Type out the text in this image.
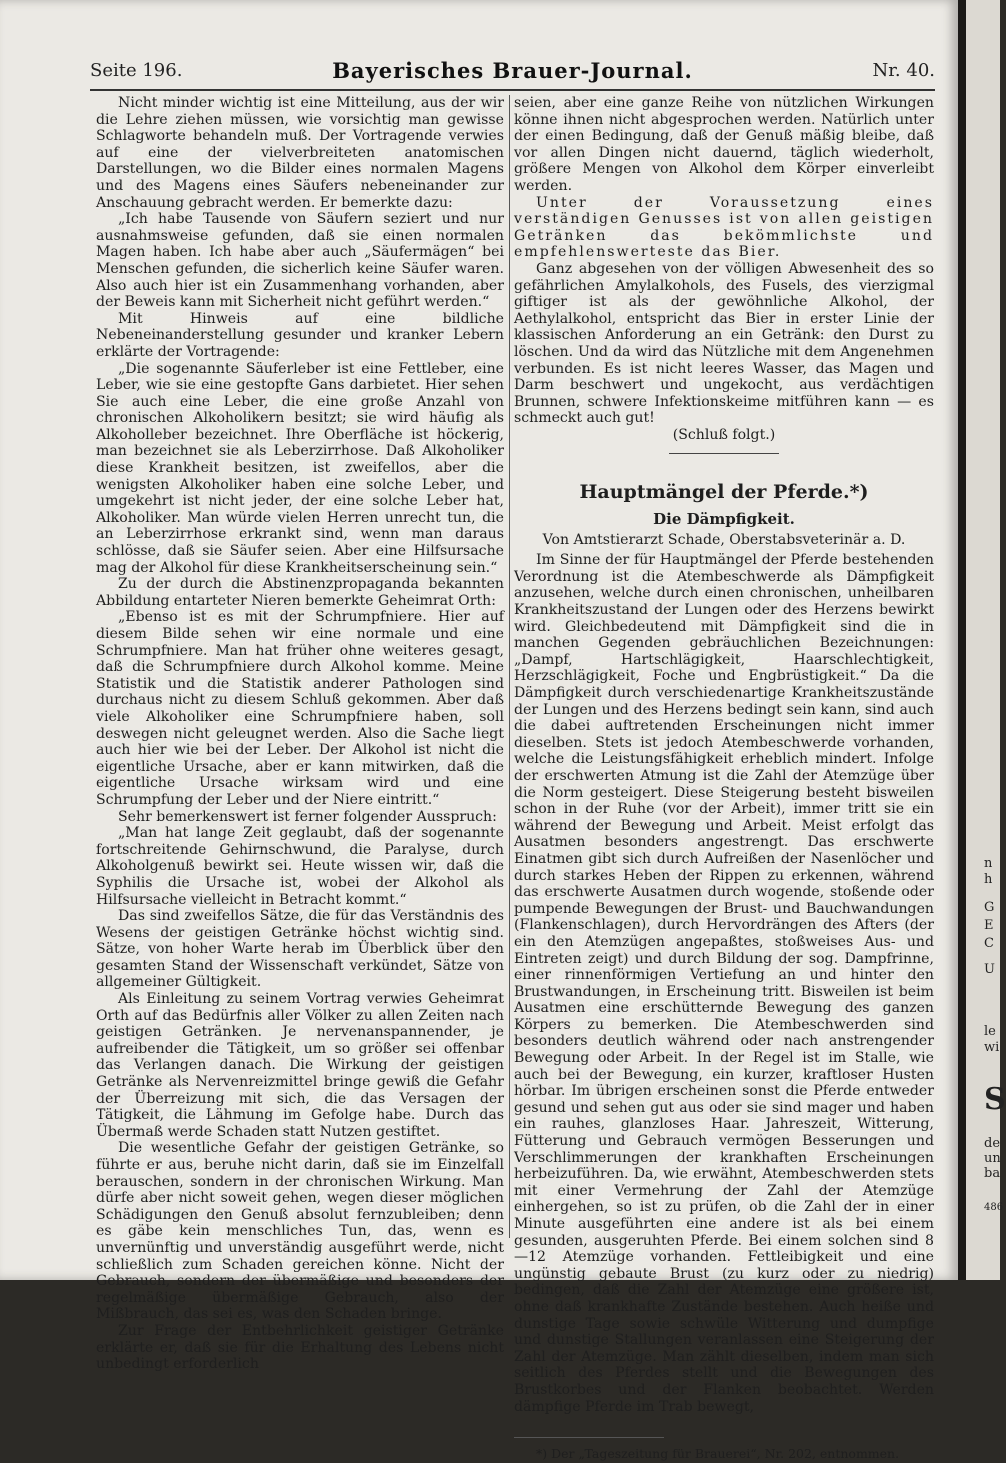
Seite 196.	Bayerisches Brauer-Journal.	Nr. 40.

Nicht minder wichtig ist eine Mitteilung, aus der wir die Lehre ziehen müssen, wie vorsichtig man gewisse Schlagworte behandeln muß. Der Vortragende verwies auf eine der vielverbreiteten anatomischen Darstellungen, wo die Bilder eines normalen Magens und des Magens eines Säufers nebeneinander zur Anschauung gebracht werden. Er bemerkte dazu:

„Ich habe Tausende von Säufern seziert und nur ausnahmsweise gefunden, daß sie einen normalen Magen haben. Ich habe aber auch „Säufermägen“ bei Menschen gefunden, die sicherlich keine Säufer waren. Also auch hier ist ein Zusammenhang vorhanden, aber der Beweis kann mit Sicherheit nicht geführt werden.“

Mit Hinweis auf eine bildliche Nebeneinanderstellung gesunder und kranker Lebern erklärte der Vortragende:

„Die sogenannte Säuferleber ist eine Fettleber, eine Leber, wie sie eine gestopfte Gans darbietet. Hier sehen Sie auch eine Leber, die eine große Anzahl von chronischen Alkoholikern besitzt; sie wird häufig als Alkoholleber bezeichnet. Ihre Oberfläche ist höckerig, man bezeichnet sie als Leberzirrhose. Daß Alkoholiker diese Krankheit besitzen, ist zweifellos, aber die wenigsten Alkoholiker haben eine solche Leber, und umgekehrt ist nicht jeder, der eine solche Leber hat, Alkoholiker. Man würde vielen Herren unrecht tun, die an Leberzirrhose erkrankt sind, wenn man daraus schlösse, daß sie Säufer seien. Aber eine Hilfsursache mag der Alkohol für diese Krankheitserscheinung sein.“

Zu der durch die Abstinenzpropaganda bekannten Abbildung entarteter Nieren bemerkte Geheimrat Orth:

„Ebenso ist es mit der Schrumpfniere. Hier auf diesem Bilde sehen wir eine normale und eine Schrumpfniere. Man hat früher ohne weiteres gesagt, daß die Schrumpfniere durch Alkohol komme. Meine Statistik und die Statistik anderer Pathologen sind durchaus nicht zu diesem Schluß gekommen. Aber daß viele Alkoholiker eine Schrumpfniere haben, soll deswegen nicht geleugnet werden. Also die Sache liegt auch hier wie bei der Leber. Der Alkohol ist nicht die eigentliche Ursache, aber er kann mitwirken, daß die eigentliche Ursache wirksam wird und eine Schrumpfung der Leber und der Niere eintritt.“

Sehr bemerkenswert ist ferner folgender Ausspruch:

„Man hat lange Zeit geglaubt, daß der sogenannte fortschreitende Gehirnschwund, die Paralyse, durch Alkoholgenuß bewirkt sei. Heute wissen wir, daß die Syphilis die Ursache ist, wobei der Alkohol als Hilfsursache vielleicht in Betracht kommt.“

Das sind zweifellos Sätze, die für das Verständnis des Wesens der geistigen Getränke höchst wichtig sind. Sätze, von hoher Warte herab im Überblick über den gesamten Stand der Wissenschaft verkündet, Sätze von allgemeiner Gültigkeit.

Als Einleitung zu seinem Vortrag verwies Geheimrat Orth auf das Bedürfnis aller Völker zu allen Zeiten nach geistigen Getränken. Je nervenanspannender, je aufreibender die Tätigkeit, um so größer sei offenbar das Verlangen danach. Die Wirkung der geistigen Getränke als Nervenreizmittel bringe gewiß die Gefahr der Überreizung mit sich, die das Versagen der Tätigkeit, die Lähmung im Gefolge habe. Durch das Übermaß werde Schaden statt Nutzen gestiftet.

Die wesentliche Gefahr der geistigen Getränke, so führte er aus, beruhe nicht darin, daß sie im Einzelfall berauschen, sondern in der chronischen Wirkung. Man dürfe aber nicht soweit gehen, wegen dieser möglichen Schädigungen den Genuß absolut fernzubleiben; denn es gäbe kein menschliches Tun, das, wenn es unvernünftig und unverständig ausgeführt werde, nicht schließlich zum Schaden gereichen könne. Nicht der Gebrauch, sondern der übermäßige und besonders der regelmäßige übermäßige Gebrauch, also der Mißbrauch, das sei es, was den Schaden bringe.

Zur Frage der Entbehrlichkeit geistiger Getränke erklärte er, daß sie für die Erhaltung des Lebens nicht unbedingt erforderlich

seien, aber eine ganze Reihe von nützlichen Wirkungen könne ihnen nicht abgesprochen werden. Natürlich unter der einen Bedingung, daß der Genuß mäßig bleibe, daß vor allen Dingen nicht dauernd, täglich wiederholt, größere Mengen von Alkohol dem Körper einverleibt werden.

Unter der Voraussetzung eines verständigen Genusses ist von allen geistigen Getränken das bekömmlichste und empfehlenswerteste das Bier.

Ganz abgesehen von der völligen Abwesenheit des so gefährlichen Amylalkohols, des Fusels, des vierzigmal giftiger ist als der gewöhnliche Alkohol, der Aethylalkohol, entspricht das Bier in erster Linie der klassischen Anforderung an ein Getränk: den Durst zu löschen. Und da wird das Nützliche mit dem Angenehmen verbunden. Es ist nicht leeres Wasser, das Magen und Darm beschwert und ungekocht, aus verdächtigen Brunnen, schwere Infektionskeime mitführen kann — es schmeckt auch gut!

(Schluß folgt.)

Hauptmängel der Pferde.*)
Die Dämpfigkeit.
Von Amtstierarzt Schade, Oberstabsveterinär a. D.

Im Sinne der für Hauptmängel der Pferde bestehenden Verordnung ist die Atembeschwerde als Dämpfigkeit anzusehen, welche durch einen chronischen, unheilbaren Krankheitszustand der Lungen oder des Herzens bewirkt wird. Gleichbedeutend mit Dämpfigkeit sind die in manchen Gegenden gebräuchlichen Bezeichnungen: „Dampf, Hartschlägigkeit, Haarschlechtigkeit, Herzschlägigkeit, Foche und Engbrüstigkeit.“ Da die Dämpfigkeit durch verschiedenartige Krankheitszustände der Lungen und des Herzens bedingt sein kann, sind auch die dabei auftretenden Erscheinungen nicht immer dieselben. Stets ist jedoch Atembeschwerde vorhanden, welche die Leistungsfähigkeit erheblich mindert. Infolge der erschwerten Atmung ist die Zahl der Atemzüge über die Norm gesteigert. Diese Steigerung besteht bisweilen schon in der Ruhe (vor der Arbeit), immer tritt sie ein während der Bewegung und Arbeit. Meist erfolgt das Ausatmen besonders angestrengt. Das erschwerte Einatmen gibt sich durch Aufreißen der Nasenlöcher und durch starkes Heben der Rippen zu erkennen, während das erschwerte Ausatmen durch wogende, stoßende oder pumpende Bewegungen der Brust- und Bauchwandungen (Flankenschlagen), durch Hervordrängen des Afters (der ein den Atemzügen angepaßtes, stoßweises Aus- und Eintreten zeigt) und durch Bildung der sog. Dampfrinne, einer rinnenförmigen Vertiefung an und hinter den Brustwandungen, in Erscheinung tritt. Bisweilen ist beim Ausatmen eine erschütternde Bewegung des ganzen Körpers zu bemerken. Die Atembeschwerden sind besonders deutlich während oder nach anstrengender Bewegung oder Arbeit. In der Regel ist im Stalle, wie auch bei der Bewegung, ein kurzer, kraftloser Husten hörbar. Im übrigen erscheinen sonst die Pferde entweder gesund und sehen gut aus oder sie sind mager und haben ein rauhes, glanzloses Haar. Jahreszeit, Witterung, Fütterung und Gebrauch vermögen Besserungen und Verschlimmerungen der krankhaften Erscheinungen herbeizuführen. Da, wie erwähnt, Atembeschwerden stets mit einer Vermehrung der Zahl der Atemzüge einhergehen, so ist zu prüfen, ob die Zahl der in einer Minute ausgeführten eine andere ist als bei einem gesunden, ausgeruhten Pferde. Bei einem solchen sind 8—12 Atemzüge vorhanden. Fettleibigkeit und eine ungünstig gebaute Brust (zu kurz oder zu niedrig) bedingen, daß die Zahl der Atemzüge eine größere ist, ohne daß krankhafte Zustände bestehen. Auch heiße und dunstige Tage sowie schwüle Witterung und dumpfige und dunstige Stallungen veranlassen eine Steigerung der Zahl der Atemzüge. Man zählt dieselben, indem man sich seitlich des Pferdes stellt und die Bewegungen des Brustkorbes und der Flanken beobachtet. Werden dämpfige Pferde im Trab bewegt,

*) Der „Tageszeitung für Brauerei“, Nr. 202, entnommen.

n
h
G
E
C
U
le
wi
S
de
un
ba
486
